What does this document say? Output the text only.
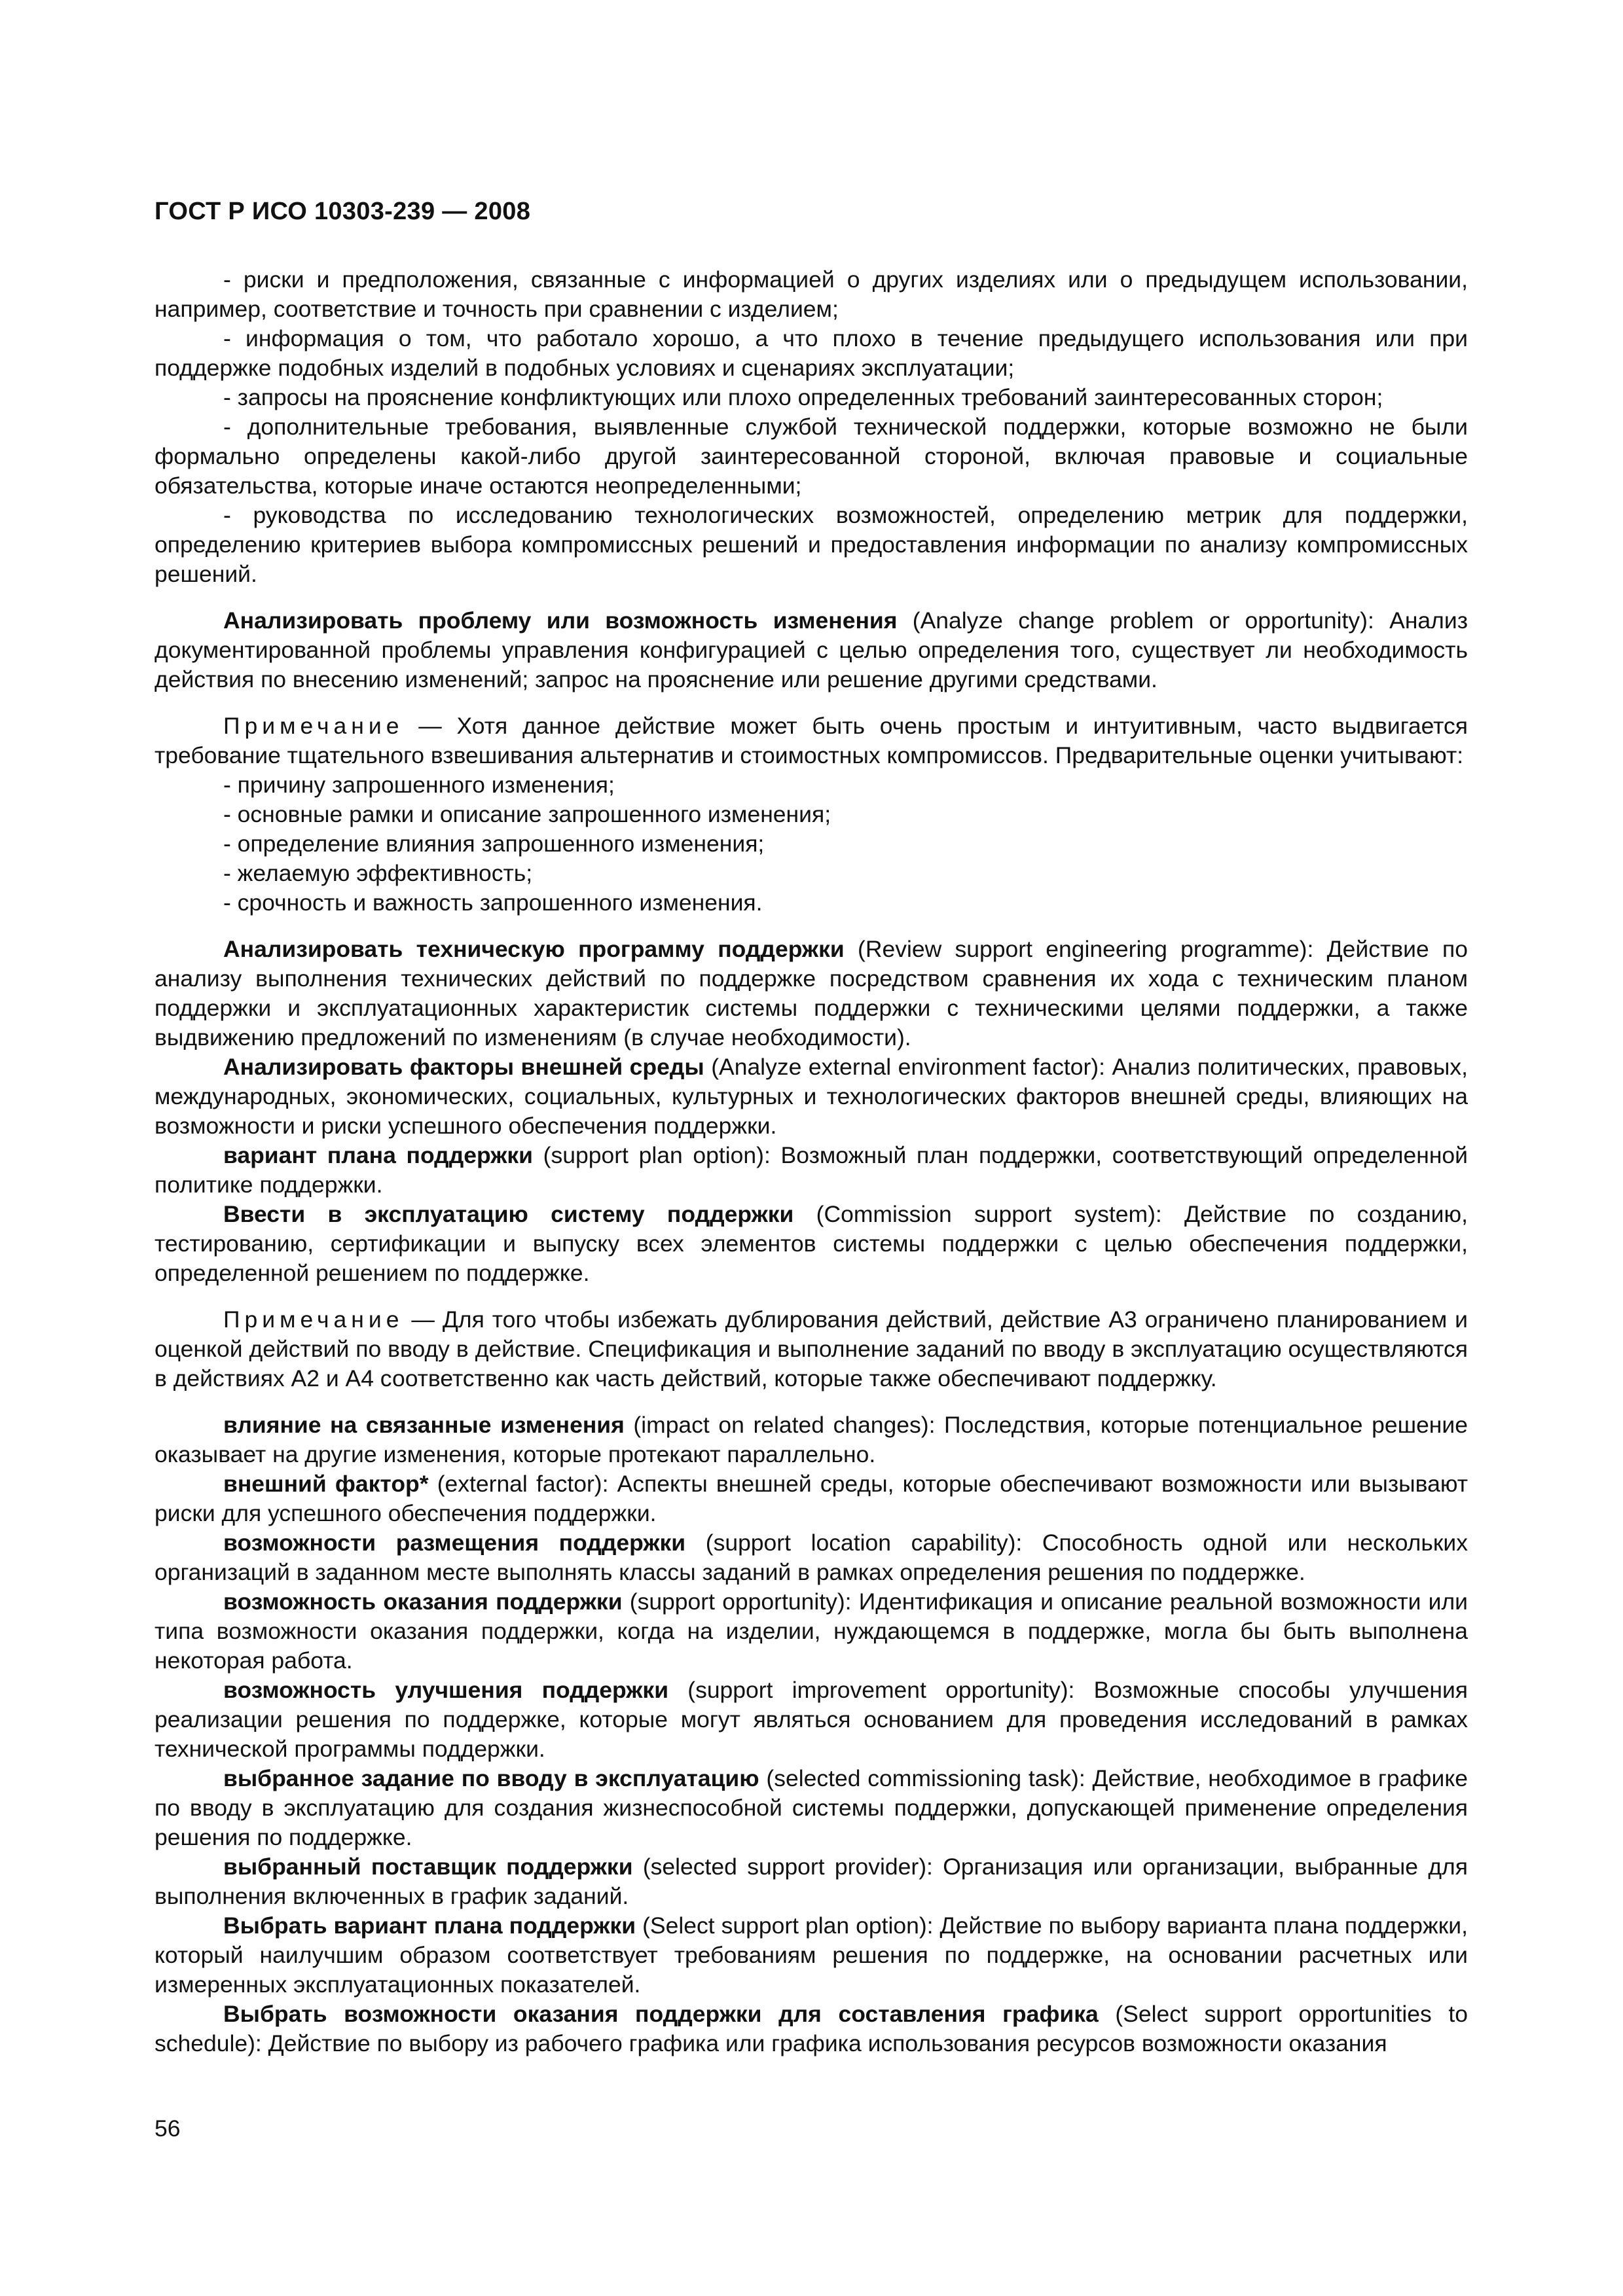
ГОСТ Р ИСО 10303-239 — 2008

- риски и предположения, связанные с информацией о других изделиях или о предыдущем использовании, например, соответствие и точность при сравнении с изделием;

- информация о том, что работало хорошо, а что плохо в течение предыдущего использования или при поддержке подобных изделий в подобных условиях и сценариях эксплуатации;

- запросы на прояснение конфликтующих или плохо определенных требований заинтересованных сторон;

- дополнительные требования, выявленные службой технической поддержки, которые возможно не были формально определены какой-либо другой заинтересованной стороной, включая правовые и социальные обязательства, которые иначе остаются неопределенными;

- руководства по исследованию технологических возможностей, определению метрик для поддержки, определению критериев выбора компромиссных решений и предоставления информации по анализу компромиссных решений.

Анализировать проблему или возможность изменения (Analyze change problem or opportunity): Анализ документированной проблемы управления конфигурацией с целью определения того, существует ли необходимость действия по внесению изменений; запрос на прояснение или решение другими средствами.

Примечание — Хотя данное действие может быть очень простым и интуитивным, часто выдвигается требование тщательного взвешивания альтернатив и стоимостных компромиссов. Предварительные оценки учитывают:

- причину запрошенного изменения;

- основные рамки и описание запрошенного изменения;

- определение влияния запрошенного изменения;

- желаемую эффективность;

- срочность и важность запрошенного изменения.

Анализировать техническую программу поддержки (Review support engineering programme): Действие по анализу выполнения технических действий по поддержке посредством сравнения их хода с техническим планом поддержки и эксплуатационных характеристик системы поддержки с техническими целями поддержки, а также выдвижению предложений по изменениям (в случае необходимости).

Анализировать факторы внешней среды (Analyze external environment factor): Анализ политических, правовых, международных, экономических, социальных, культурных и технологических факторов внешней среды, влияющих на возможности и риски успешного обеспечения поддержки.

вариант плана поддержки (support plan option): Возможный план поддержки, соответствующий определенной политике поддержки.

Ввести в эксплуатацию систему поддержки (Commission support system): Действие по созданию, тестированию, сертификации и выпуску всех элементов системы поддержки с целью обеспечения поддержки, определенной решением по поддержке.

Примечание — Для того чтобы избежать дублирования действий, действие А3 ограничено планированием и оценкой действий по вводу в действие. Спецификация и выполнение заданий по вводу в эксплуатацию осуществляются в действиях А2 и А4 соответственно как часть действий, которые также обеспечивают поддержку.

влияние на связанные изменения (impact on related changes): Последствия, которые потенциальное решение оказывает на другие изменения, которые протекают параллельно.

внешний фактор* (external factor): Аспекты внешней среды, которые обеспечивают возможности или вызывают риски для успешного обеспечения поддержки.

возможности размещения поддержки (support location capability): Способность одной или нескольких организаций в заданном месте выполнять классы заданий в рамках определения решения по поддержке.

возможность оказания поддержки (support opportunity): Идентификация и описание реальной возможности или типа возможности оказания поддержки, когда на изделии, нуждающемся в поддержке, могла бы быть выполнена некоторая работа.

возможность улучшения поддержки (support improvement opportunity): Возможные способы улучшения реализации решения по поддержке, которые могут являться основанием для проведения исследований в рамках технической программы поддержки.

выбранное задание по вводу в эксплуатацию (selected commissioning task): Действие, необходимое в графике по вводу в эксплуатацию для создания жизнеспособной системы поддержки, допускающей применение определения решения по поддержке.

выбранный поставщик поддержки (selected support provider): Организация или организации, выбранные для выполнения включенных в график заданий.

Выбрать вариант плана поддержки (Select support plan option): Действие по выбору варианта плана поддержки, который наилучшим образом соответствует требованиям решения по поддержке, на основании расчетных или измеренных эксплуатационных показателей.

Выбрать возможности оказания поддержки для составления графика (Select support opportunities to schedule): Действие по выбору из рабочего графика или графика использования ресурсов возможности оказания

56
